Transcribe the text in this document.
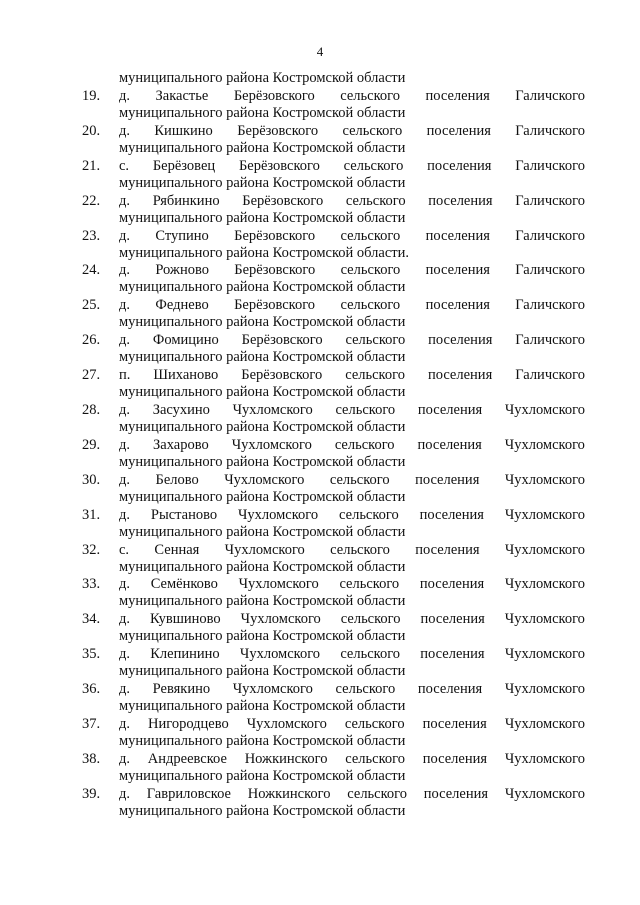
4
муниципального района Костромской области
19.	д. Закастье Берёзовского сельского поселения Галичского
муниципального района Костромской области
20.	д. Кишкино Берёзовского сельского поселения Галичского
муниципального района Костромской области
21.	с. Берёзовец Берёзовского сельского поселения Галичского
муниципального района Костромской области
22.	д. Рябинкино Берёзовского сельского поселения Галичского
муниципального района Костромской области
23.	д. Ступино Берёзовского сельского поселения Галичского
муниципального района Костромской области.
24.	д. Рожново Берёзовского сельского поселения Галичского
муниципального района Костромской области
25.	д. Феднево Берёзовского сельского поселения Галичского
муниципального района Костромской области
26.	д. Фомицино Берёзовского сельского поселения Галичского
муниципального района Костромской области
27.	п. Шиханово Берёзовского сельского поселения Галичского
муниципального района Костромской области
28.	д. Засухино Чухломского сельского поселения Чухломского
муниципального района Костромской области
29.	д. Захарово Чухломского сельского поселения Чухломского
муниципального района Костромской области
30.	д. Белово Чухломского сельского поселения Чухломского
муниципального района Костромской области
31.	д. Рыстаново Чухломского сельского поселения Чухломского
муниципального района Костромской области
32.	с. Сенная Чухломского сельского поселения Чухломского
муниципального района Костромской области
33.	д. Семёнково Чухломского сельского поселения Чухломского
муниципального района Костромской области
34.	д. Кувшиново Чухломского сельского поселения Чухломского
муниципального района Костромской области
35.	д. Клепинино Чухломского сельского поселения Чухломского
муниципального района Костромской области
36.	д. Ревякино Чухломского сельского поселения Чухломского
муниципального района Костромской области
37.	д. Нигородцево Чухломского сельского поселения Чухломского
муниципального района Костромской области
38.	д. Андреевское Ножкинского сельского поселения Чухломского
муниципального района Костромской области
39.	д. Гавриловское Ножкинского сельского поселения Чухломского
муниципального района Костромской области
